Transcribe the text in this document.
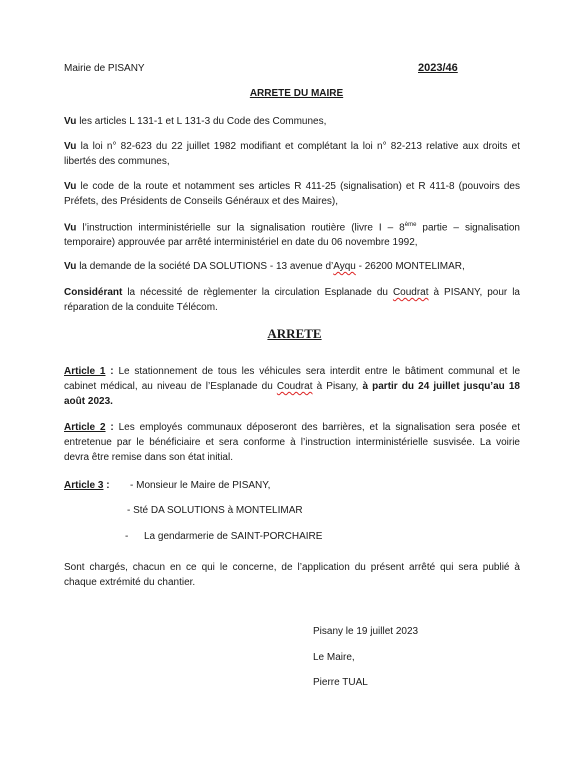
Mairie de PISANY	2023/46
ARRETE DU MAIRE
Vu les articles L 131-1 et L 131-3 du Code des Communes,
Vu la loi n° 82-623 du 22 juillet 1982 modifiant et complétant la loi n° 82-213 relative aux droits et libertés des communes,
Vu le code de la route et notamment ses articles R 411-25 (signalisation) et R 411-8 (pouvoirs des Préfets, des Présidents de Conseils Généraux et des Maires),
Vu l’instruction interministérielle sur la signalisation routière (livre I – 8ème partie – signalisation temporaire) approuvée par arrêté interministériel en date du 06 novembre 1992,
Vu la demande de la société DA SOLUTIONS - 13 avenue d’Ayqu - 26200 MONTELIMAR,
Considérant la nécessité de règlementer la circulation Esplanade du Coudrat à PISANY, pour la réparation de la conduite Télécom.
ARRETE
Article 1 : Le stationnement de tous les véhicules sera interdit entre le bâtiment communal et le cabinet médical, au niveau de l’Esplanade du Coudrat à Pisany, à partir du 24 juillet jusqu’au 18 août 2023.
Article 2 : Les employés communaux déposeront des barrières, et la signalisation sera posée et entretenue par le bénéficiaire et sera conforme à l’instruction interministérielle susvisée. La voirie devra être remise dans son état initial.
Article 3 : - Monsieur le Maire de PISANY,
- Sté DA SOLUTIONS à MONTELIMAR
- La gendarmerie de SAINT-PORCHAIRE
Sont chargés, chacun en ce qui le concerne, de l’application du présent arrêté qui sera publié à chaque extrémité du chantier.
Pisany le 19 juillet 2023
Le Maire,
Pierre TUAL
